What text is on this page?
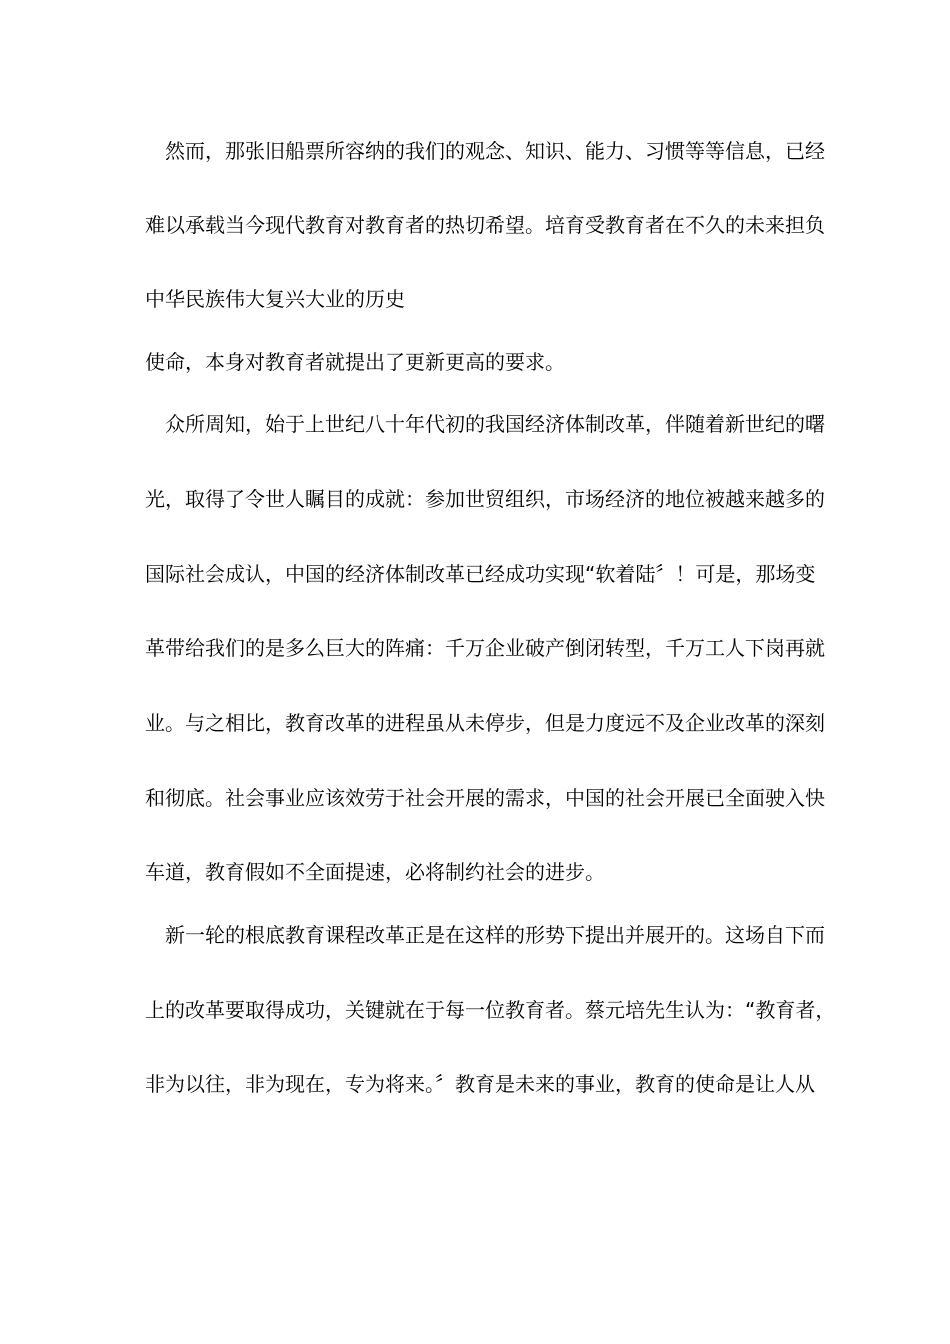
　然而，那张旧船票所容纳的我们的观念、知识、能力、习惯等等信息，已经
难以承载当今现代教育对教育者的热切希望。培育受教育者在不久的未来担负
中华民族伟大复兴大业的历史
使命，本身对教育者就提出了更新更高的要求。
　众所周知，始于上世纪八十年代初的我国经济体制改革，伴随着新世纪的曙
光，取得了令世人瞩目的成就：参加世贸组织，市场经济的地位被越来越多的
国际社会成认，中国的经济体制改革已经成功实现“软着陆〞！可是，那场变
革带给我们的是多么巨大的阵痛：千万企业破产倒闭转型，千万工人下岗再就
业。与之相比，教育改革的进程虽从未停步，但是力度远不及企业改革的深刻
和彻底。社会事业应该效劳于社会开展的需求，中国的社会开展已全面驶入快
车道，教育假如不全面提速，必将制约社会的进步。
　新一轮的根底教育课程改革正是在这样的形势下提出并展开的。这场自下而
上的改革要取得成功，关键就在于每一位教育者。蔡元培先生认为：“教育者，
非为以往，非为现在，专为将来。〞教育是未来的事业，教育的使命是让人从
